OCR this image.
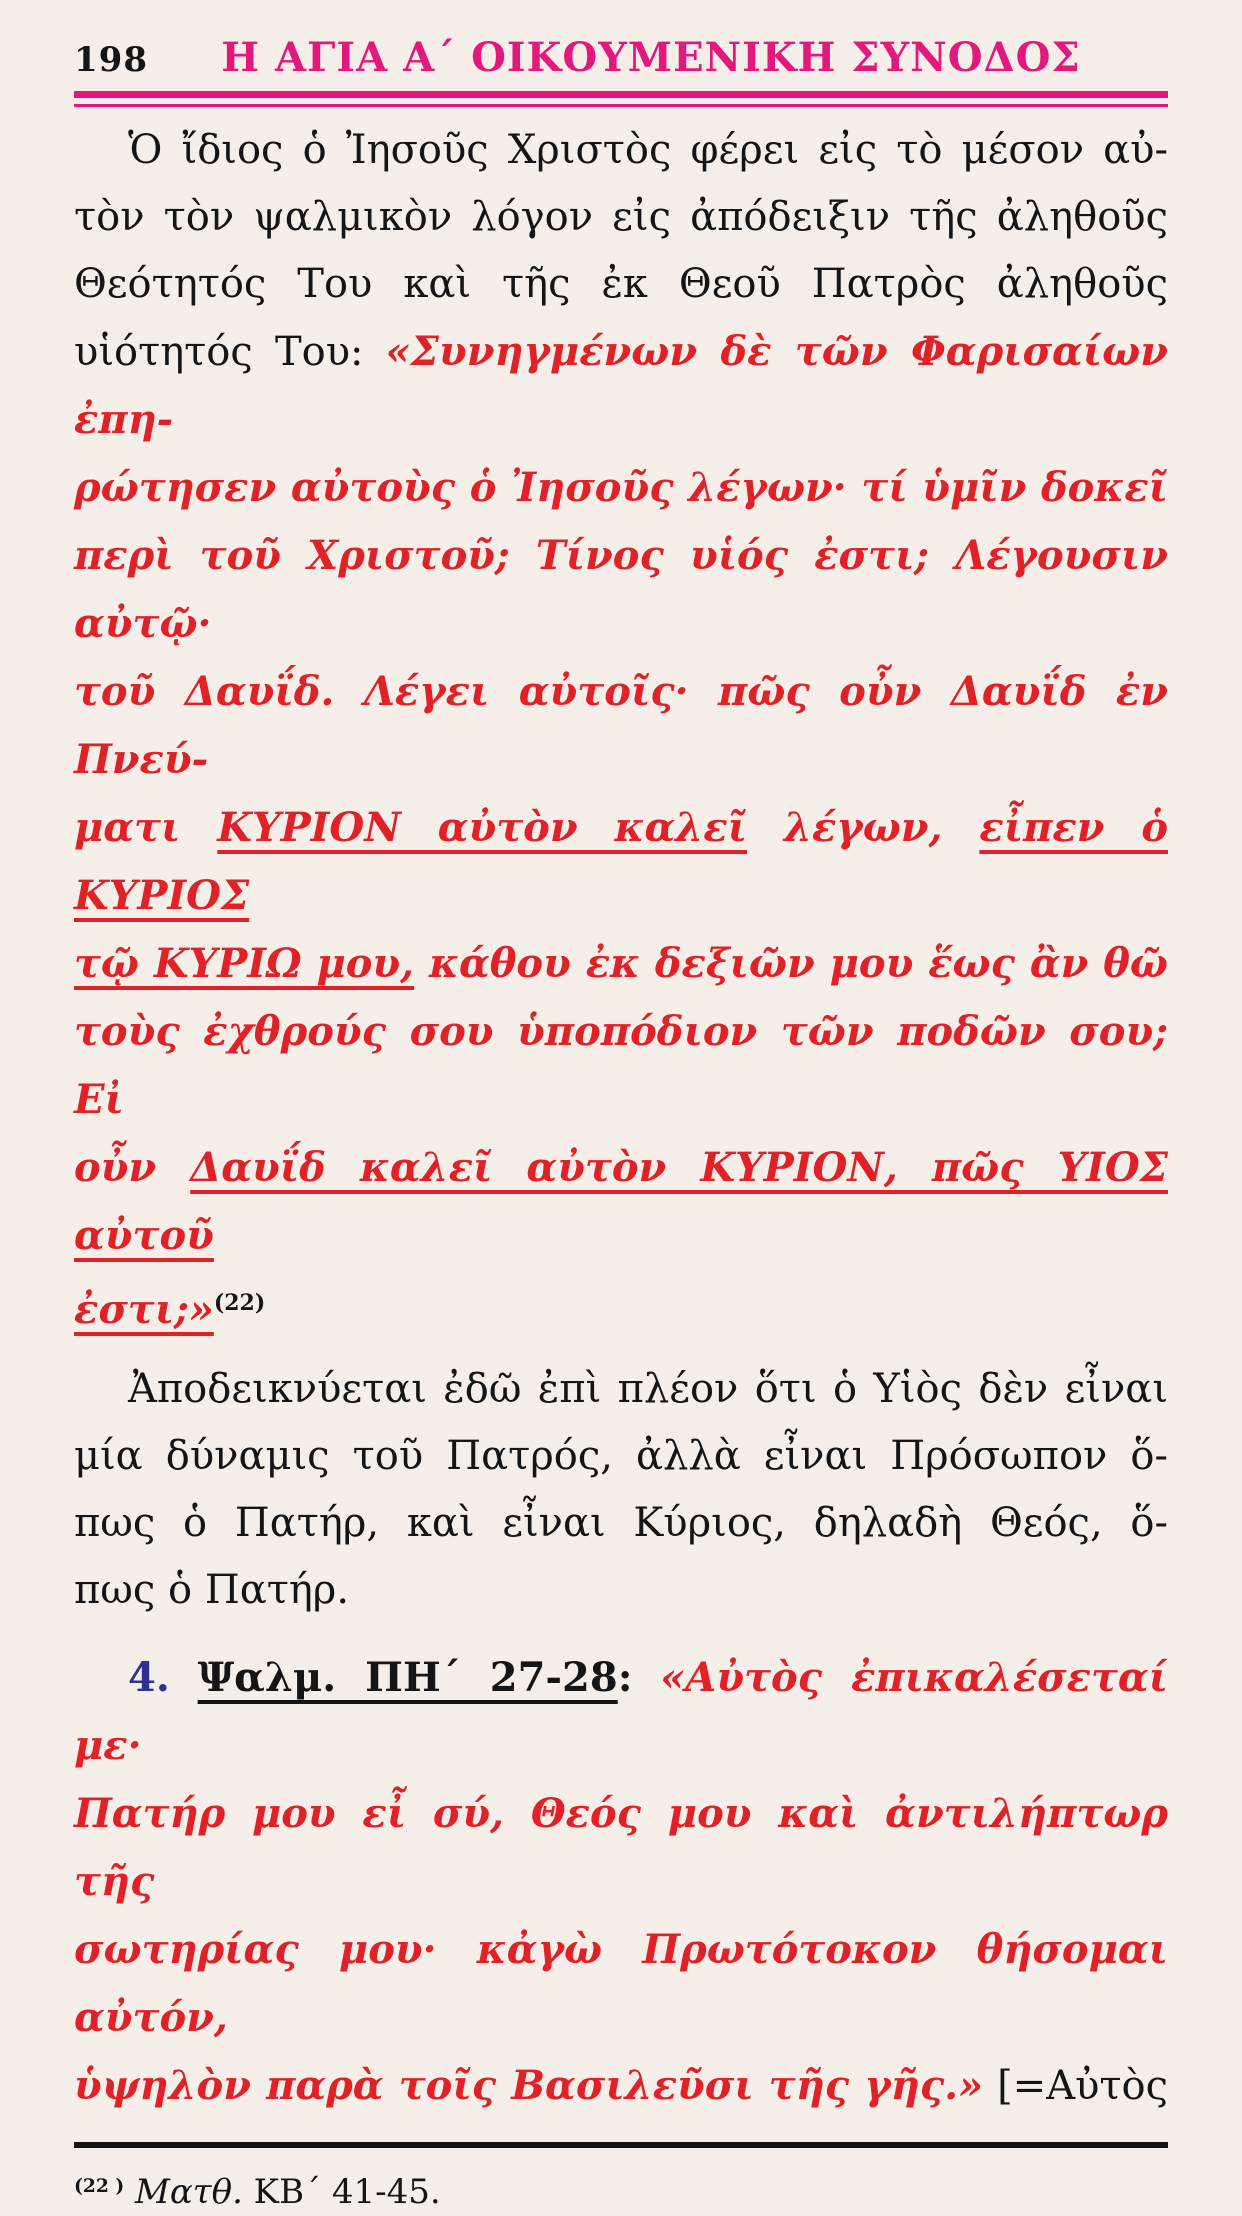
198	Η ΑΓΙΑ Α´ ΟΙΚΟΥΜΕΝΙΚΗ ΣΥΝΟΔΟΣ
Ὁ ἴδιος ὁ Ἰησοῦς Χριστὸς φέρει εἰς τὸ μέσον αὐ-
τὸν τὸν ψαλμικὸν λόγον εἰς ἀπόδειξιν τῆς ἀληθοῦς
Θεότητός Του καὶ τῆς ἐκ Θεοῦ Πατρὸς ἀληθοῦς
υἱότητός Του: «Συνηγμένων δὲ τῶν Φαρισαίων ἐπη-
ρώτησεν αὐτοὺς ὁ Ἰησοῦς λέγων· τί ὑμῖν δοκεῖ
περὶ τοῦ Χριστοῦ; Τίνος υἱός ἐστι; Λέγουσιν αὐτῷ·
τοῦ Δαυΐδ. Λέγει αὐτοῖς· πῶς οὖν Δαυΐδ ἐν Πνεύ-
ματι ΚΥΡΙΟΝ αὐτὸν καλεῖ λέγων, εἶπεν ὁ ΚΥΡΙΟΣ
τῷ ΚΥΡΙΩ μου, κάθου ἐκ δεξιῶν μου ἕως ἂν θῶ
τοὺς ἐχθρούς σου ὑποπόδιον τῶν ποδῶν σου; Εἰ
οὖν Δαυΐδ καλεῖ αὐτὸν ΚΥΡΙΟΝ, πῶς ΥΙΟΣ αὐτοῦ
ἐστι;»$^{(22)}$
Ἀποδεικνύεται ἐδῶ ἐπὶ πλέον ὅτι ὁ Υἱὸς δὲν εἶναι
μία δύναμις τοῦ Πατρός, ἀλλὰ εἶναι Πρόσωπον ὅ-
πως ὁ Πατήρ, καὶ εἶναι Κύριος, δηλαδὴ Θεός, ὅ-
πως ὁ Πατήρ.
4. Ψαλμ. ΠΗ´ 27-28: «Αὐτὸς ἐπικαλέσεταί με·
Πατήρ μου εἶ σύ, Θεός μου καὶ ἀντιλήπτωρ τῆς
σωτηρίας μου· κἀγὼ Πρωτότοκον θήσομαι αὐτόν,
ὑψηλὸν παρὰ τοῖς Βασιλεῦσι τῆς γῆς.» [=Αὐτὸς
$^{(22 )}$ Ματθ. ΚΒ´ 41-45.
